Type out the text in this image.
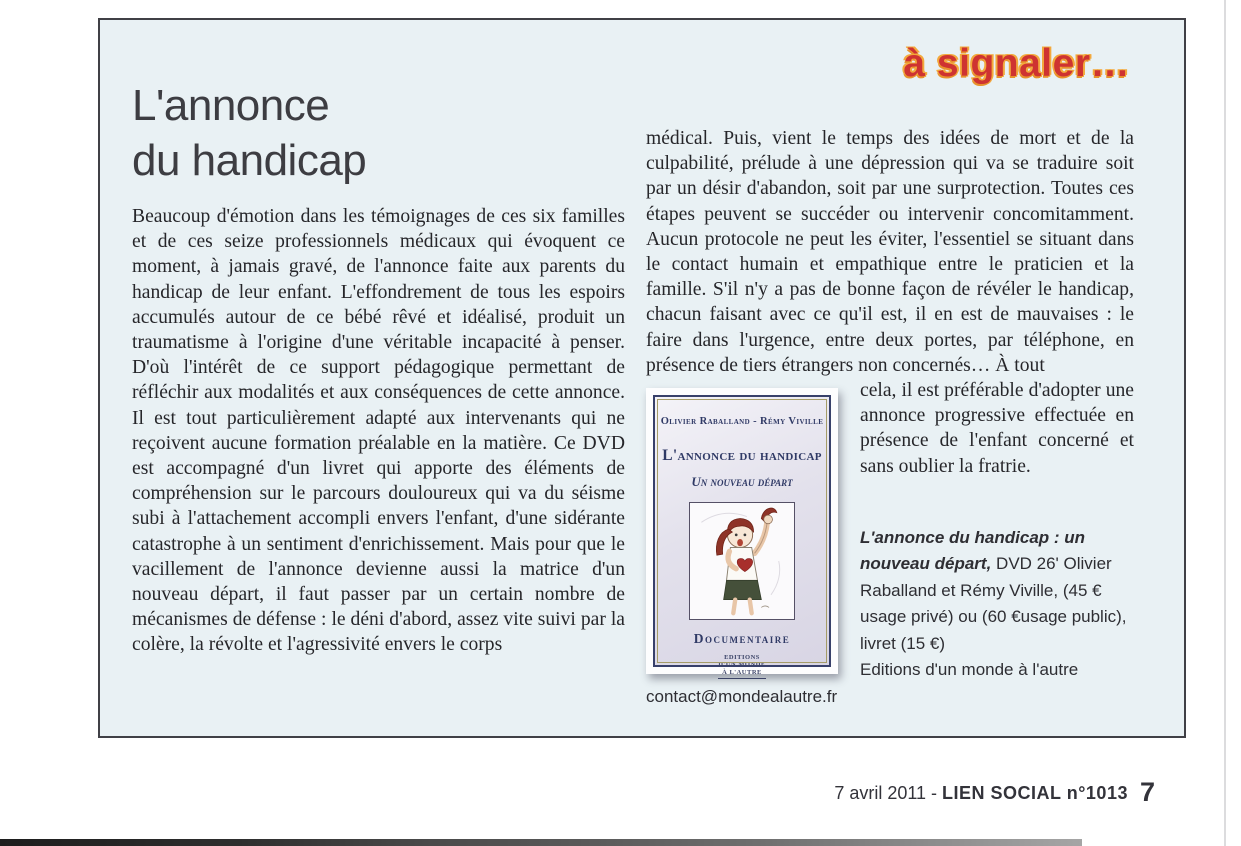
à signaler…
L'annonce
du handicap
Beaucoup d'émotion dans les témoignages de ces six familles et de ces seize professionnels médicaux qui évoquent ce moment, à jamais gravé, de l'annonce faite aux parents du handicap de leur enfant. L'effondrement de tous les espoirs accumulés autour de ce bébé rêvé et idéalisé, produit un traumatisme à l'origine d'une véritable incapacité à penser. D'où l'intérêt de ce support pédagogique permettant de réfléchir aux modalités et aux conséquences de cette annonce. Il est tout particulièrement adapté aux intervenants qui ne reçoivent aucune formation préalable en la matière. Ce DVD est accompagné d'un livret qui apporte des éléments de compréhension sur le parcours douloureux qui va du séisme subi à l'attachement accompli envers l'enfant, d'une sidérante catastrophe à un sentiment d'enrichissement. Mais pour que le vacillement de l'annonce devienne aussi la matrice d'un nouveau départ, il faut passer par un certain nombre de mécanismes de défense : le déni d'abord, assez vite suivi par la colère, la révolte et l'agressivité envers le corps

médical. Puis, vient le temps des idées de mort et de la culpabilité, prélude à une dépression qui va se traduire soit par un désir d'abandon, soit par une surprotection. Toutes ces étapes peuvent se succéder ou intervenir concomitamment. Aucun protocole ne peut les éviter, l'essentiel se situant dans le contact humain et empathique entre le praticien et la famille. S'il n'y a pas de bonne façon de révéler le handicap, chacun faisant avec ce qu'il est, il en est de mauvaises : le faire dans l'urgence, entre deux portes, par téléphone, en présence de tiers étrangers non concernés… À tout

Olivier Raballand - Rémy Viville
L'annonce du handicap
Un nouveau départ
Documentaire
EDITIONS
D'UN MONDE
À L'AUTRE

cela, il est préférable d'adopter une annonce progressive effectuée en présence de l'enfant concerné et sans oublier la fratrie.

L'annonce du handicap : un nouveau départ, DVD 26' Olivier Raballand et Rémy Viville, (45 € usage privé) ou (60 €usage public), livret (15 €)
Editions d'un monde à l'autre
contact@mondealautre.fr
7 avril 2011 - LIEN SOCIAL n°1013 7
